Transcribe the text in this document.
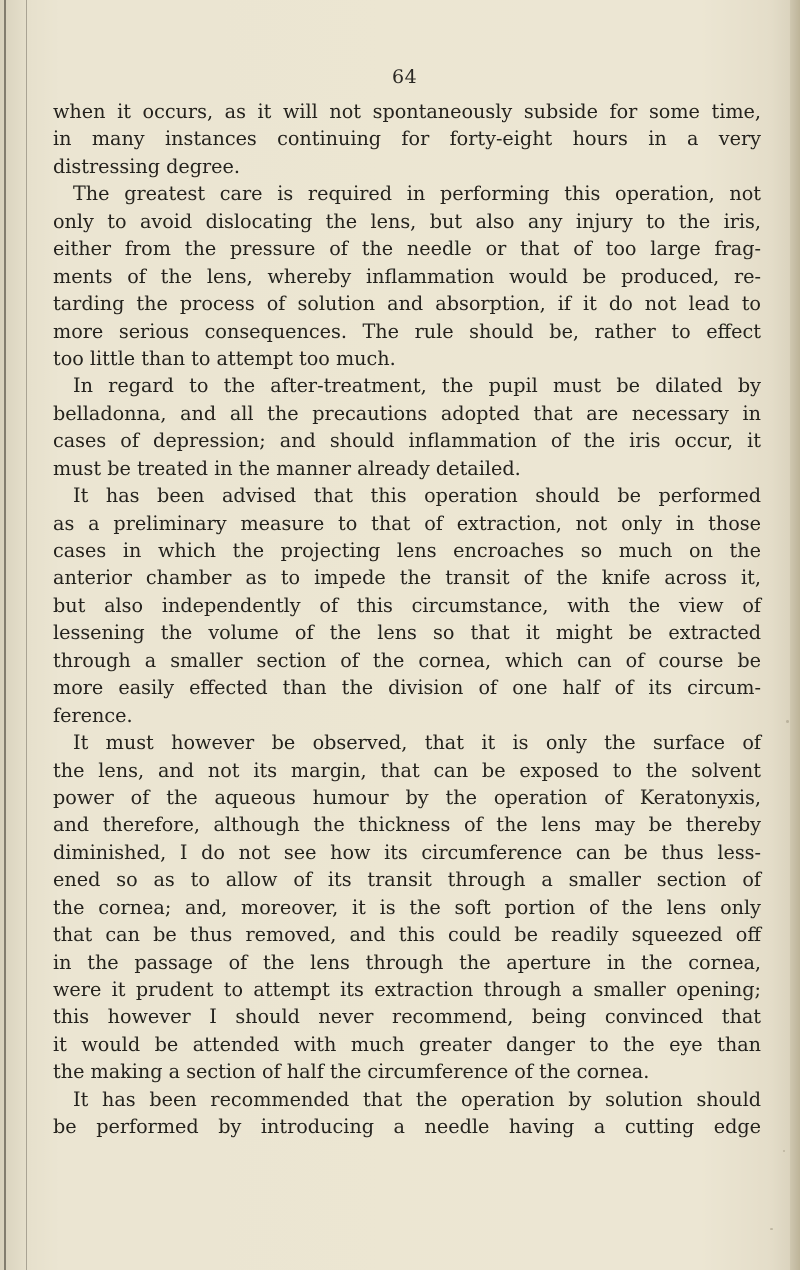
64
when it occurs, as it will not spontaneously subside for some time,
in many instances continuing for forty-eight hours in a very
distressing degree.
The greatest care is required in performing this operation, not
only to avoid dislocating the lens, but also any injury to the iris,
either from the pressure of the needle or that of too large frag-
ments of the lens, whereby inflammation would be produced, re-
tarding the process of solution and absorption, if it do not lead to
more serious consequences. The rule should be, rather to effect
too little than to attempt too much.
In regard to the after-treatment, the pupil must be dilated by
belladonna, and all the precautions adopted that are necessary in
cases of depression; and should inflammation of the iris occur, it
must be treated in the manner already detailed.
It has been advised that this operation should be performed
as a preliminary measure to that of extraction, not only in those
cases in which the projecting lens encroaches so much on the
anterior chamber as to impede the transit of the knife across it,
but also independently of this circumstance, with the view of
lessening the volume of the lens so that it might be extracted
through a smaller section of the cornea, which can of course be
more easily effected than the division of one half of its circum-
ference.
It must however be observed, that it is only the surface of
the lens, and not its margin, that can be exposed to the solvent
power of the aqueous humour by the operation of Keratonyxis,
and therefore, although the thickness of the lens may be thereby
diminished, I do not see how its circumference can be thus less-
ened so as to allow of its transit through a smaller section of
the cornea; and, moreover, it is the soft portion of the lens only
that can be thus removed, and this could be readily squeezed off
in the passage of the lens through the aperture in the cornea,
were it prudent to attempt its extraction through a smaller opening;
this however I should never recommend, being convinced that
it would be attended with much greater danger to the eye than
the making a section of half the circumference of the cornea.
It has been recommended that the operation by solution should
be performed by introducing a needle having a cutting edge
